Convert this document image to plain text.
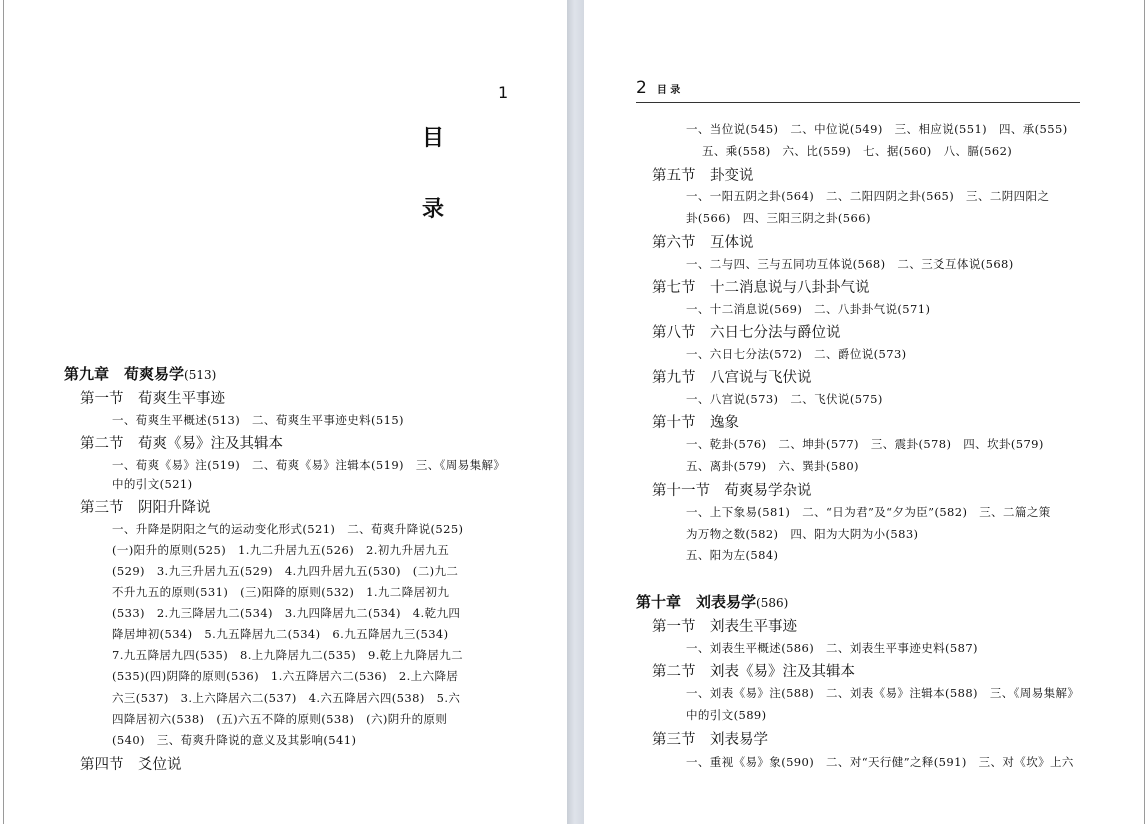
1
目
录
第九章　荀爽易学(513)
第一节　荀爽生平事迹
一、荀爽生平概述(513)　二、荀爽生平事迹史料(515)
第二节　荀爽《易》注及其辑本
一、荀爽《易》注(519)　二、荀爽《易》注辑本(519)　三、《周易集解》
中的引文(521)
第三节　阴阳升降说
一、升降是阴阳之气的运动变化形式(521)　二、荀爽升降说(525)
(一)阳升的原则(525)　1.九二升居九五(526)　2.初九升居九五
(529)　3.九三升居九五(529)　4.九四升居九五(530)　(二)九二
不升九五的原则(531)　(三)阳降的原则(532)　1.九二降居初九
(533)　2.九三降居九二(534)　3.九四降居九二(534)　4.乾九四
降居坤初(534)　5.九五降居九二(534)　6.九五降居九三(534)
7.九五降居九四(535)　8.上九降居九二(535)　9.乾上九降居九二
(535)(四)阴降的原则(536)　1.六五降居六二(536)　2.上六降居
六三(537)　3.上六降居六二(537)　4.六五降居六四(538)　5.六
四降居初六(538)　(五)六五不降的原则(538)　(六)阴升的原则
(540)　三、荀爽升降说的意义及其影响(541)
第四节　爻位说
2 目 录
一、当位说(545)　二、中位说(549)　三、相应说(551)　四、承(555)
五、乘(558)　六、比(559)　七、据(560)　八、膈(562)
第五节　卦变说
一、一阳五阴之卦(564)　二、二阳四阴之卦(565)　三、二阴四阳之
卦(566)　四、三阳三阴之卦(566)
第六节　互体说
一、二与四、三与五同功互体说(568)　二、三爻互体说(568)
第七节　十二消息说与八卦卦气说
一、十二消息说(569)　二、八卦卦气说(571)
第八节　六日七分法与爵位说
一、六日七分法(572)　二、爵位说(573)
第九节　八宫说与飞伏说
一、八宫说(573)　二、飞伏说(575)
第十节　逸象
一、乾卦(576)　二、坤卦(577)　三、震卦(578)　四、坎卦(579)
五、离卦(579)　六、巽卦(580)
第十一节　荀爽易学杂说
一、上下象易(581)　二、“日为君”及“夕为臣”(582)　三、二篇之策
为万物之数(582)　四、阳为大阴为小(583)
五、阳为左(584)
第十章　刘表易学(586)
第一节　刘表生平事迹
一、刘表生平概述(586)　二、刘表生平事迹史料(587)
第二节　刘表《易》注及其辑本
一、刘表《易》注(588)　二、刘表《易》注辑本(588)　三、《周易集解》
中的引文(589)
第三节　刘表易学
一、重视《易》象(590)　二、对“天行健”之释(591)　三、对《坎》上六
